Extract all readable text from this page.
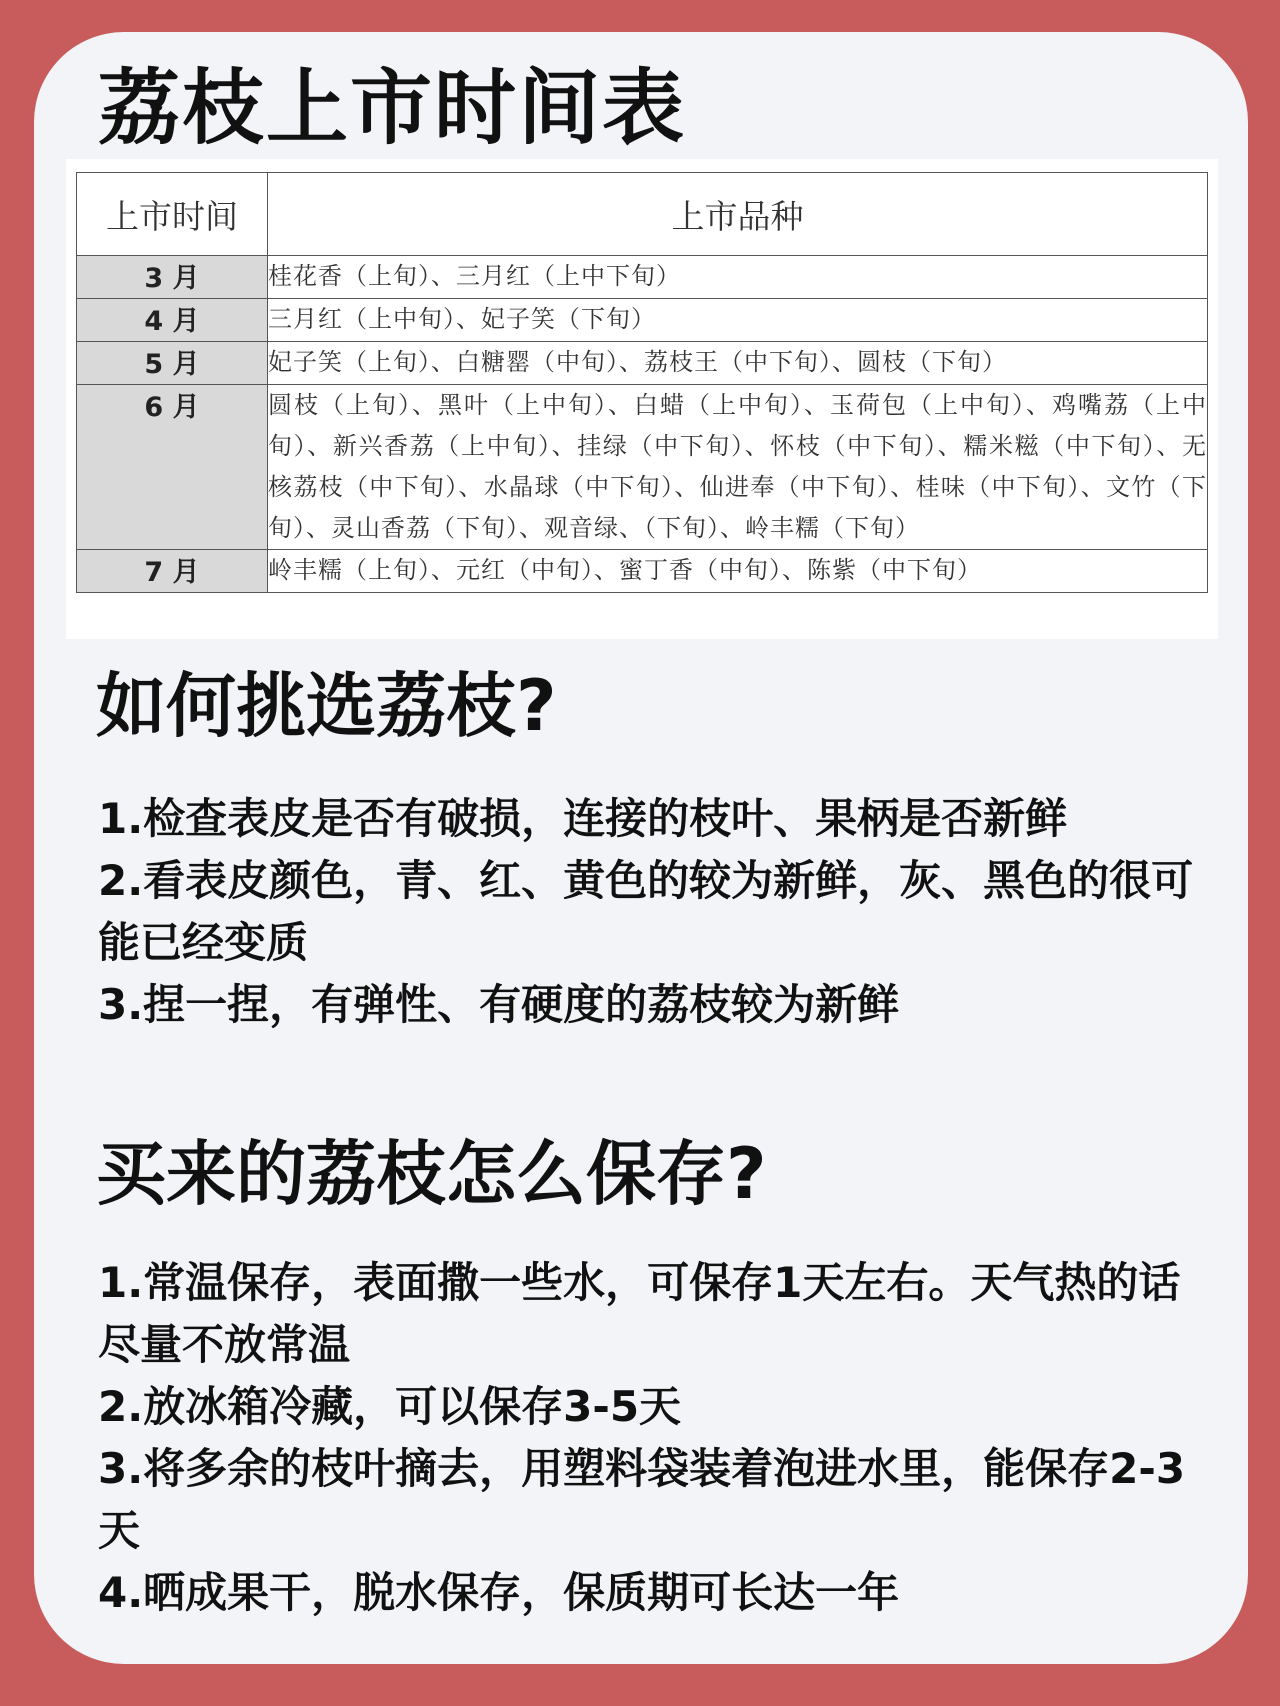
荔枝上市时间表
上市时间	上市品种
3 月	桂花香（上旬）、三月红（上中下旬）
4 月	三月红（上中旬）、妃子笑（下旬）
5 月	妃子笑（上旬）、白糖罂（中旬）、荔枝王（中下旬）、圆枝（下旬）
6 月	圆枝（上旬）、黑叶（上中旬）、白蜡（上中旬）、玉荷包（上中旬）、鸡嘴荔（上中旬）、新兴香荔（上中旬）、挂绿（中下旬）、怀枝（中下旬）、糯米糍（中下旬）、无核荔枝（中下旬）、水晶球（中下旬）、仙进奉（中下旬）、桂味（中下旬）、文竹（下旬）、灵山香荔（下旬）、观音绿、（下旬）、岭丰糯（下旬）
7 月	岭丰糯（上旬）、元红（中旬）、蜜丁香（中旬）、陈紫（中下旬）
如何挑选荔枝?
1.检查表皮是否有破损，连接的枝叶、果柄是否新鲜
2.看表皮颜色，青、红、黄色的较为新鲜，灰、黑色的很可能已经变质
3.捏一捏，有弹性、有硬度的荔枝较为新鲜
买来的荔枝怎么保存?
1.常温保存，表面撒一些水，可保存1天左右。天气热的话尽量不放常温
2.放冰箱冷藏，可以保存3-5天
3.将多余的枝叶摘去，用塑料袋装着泡进水里，能保存2-3天
4.晒成果干，脱水保存，保质期可长达一年
